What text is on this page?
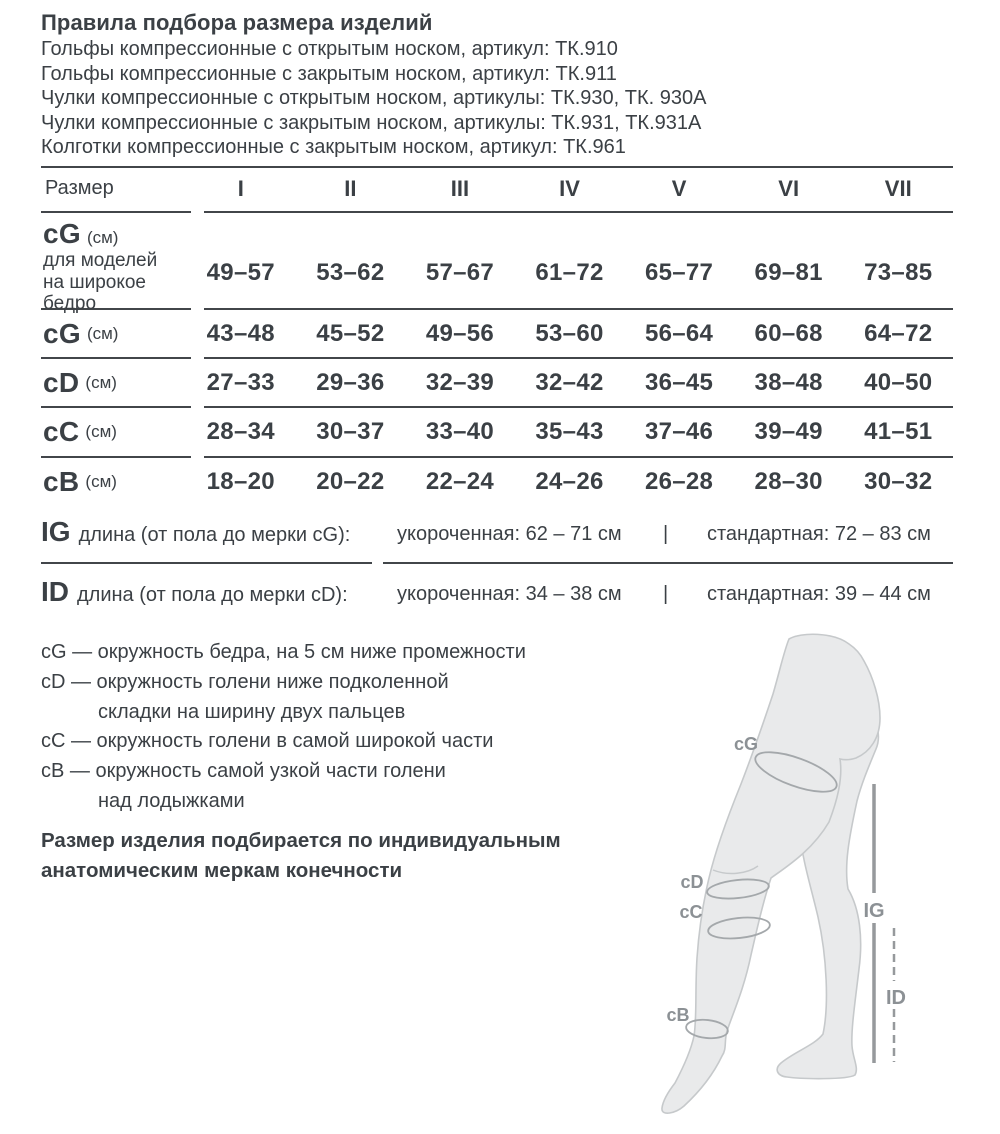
Правила подбора размера изделий
Гольфы компрессионные с открытым носком, артикул: ТК.910
Гольфы компрессионные с закрытым носком, артикул: ТК.911
Чулки компрессионные с открытым носком, артикулы: ТК.930, ТК. 930А
Чулки компрессионные с закрытым носком, артикулы: ТК.931, ТК.931А
Колготки компрессионные с закрытым носком, артикул: ТК.961
Размер	I	II	III	IV	V	VI	VII
cG (см)
для моделей
на широкое
бедро
49–57	53–62	57–67	61–72	65–77	69–81	73–85
cG (см)	43–48	45–52	49–56	53–60	56–64	60–68	64–72
cD (см)	27–33	29–36	32–39	32–42	36–45	38–48	40–50
cC (см)	28–34	30–37	33–40	35–43	37–46	39–49	41–51
cB (см)	18–20	20–22	22–24	24–26	26–28	28–30	30–32
IG длина (от пола до мерки cG): укороченная: 62 – 71 см | стандартная: 72 – 83 см
ID длина (от пола до мерки cD): укороченная: 34 – 38 см | стандартная: 39 – 44 см
cG — окружность бедра, на 5 см ниже промежности
cD — окружность голени ниже подколенной
складки на ширину двух пальцев
cC — окружность голени в самой широкой части
cB — окружность самой узкой части голени
над лодыжками
Размер изделия подбирается по индивидуальным
анатомическим меркам конечности
cG
cD
cC
cB
IG
ID
